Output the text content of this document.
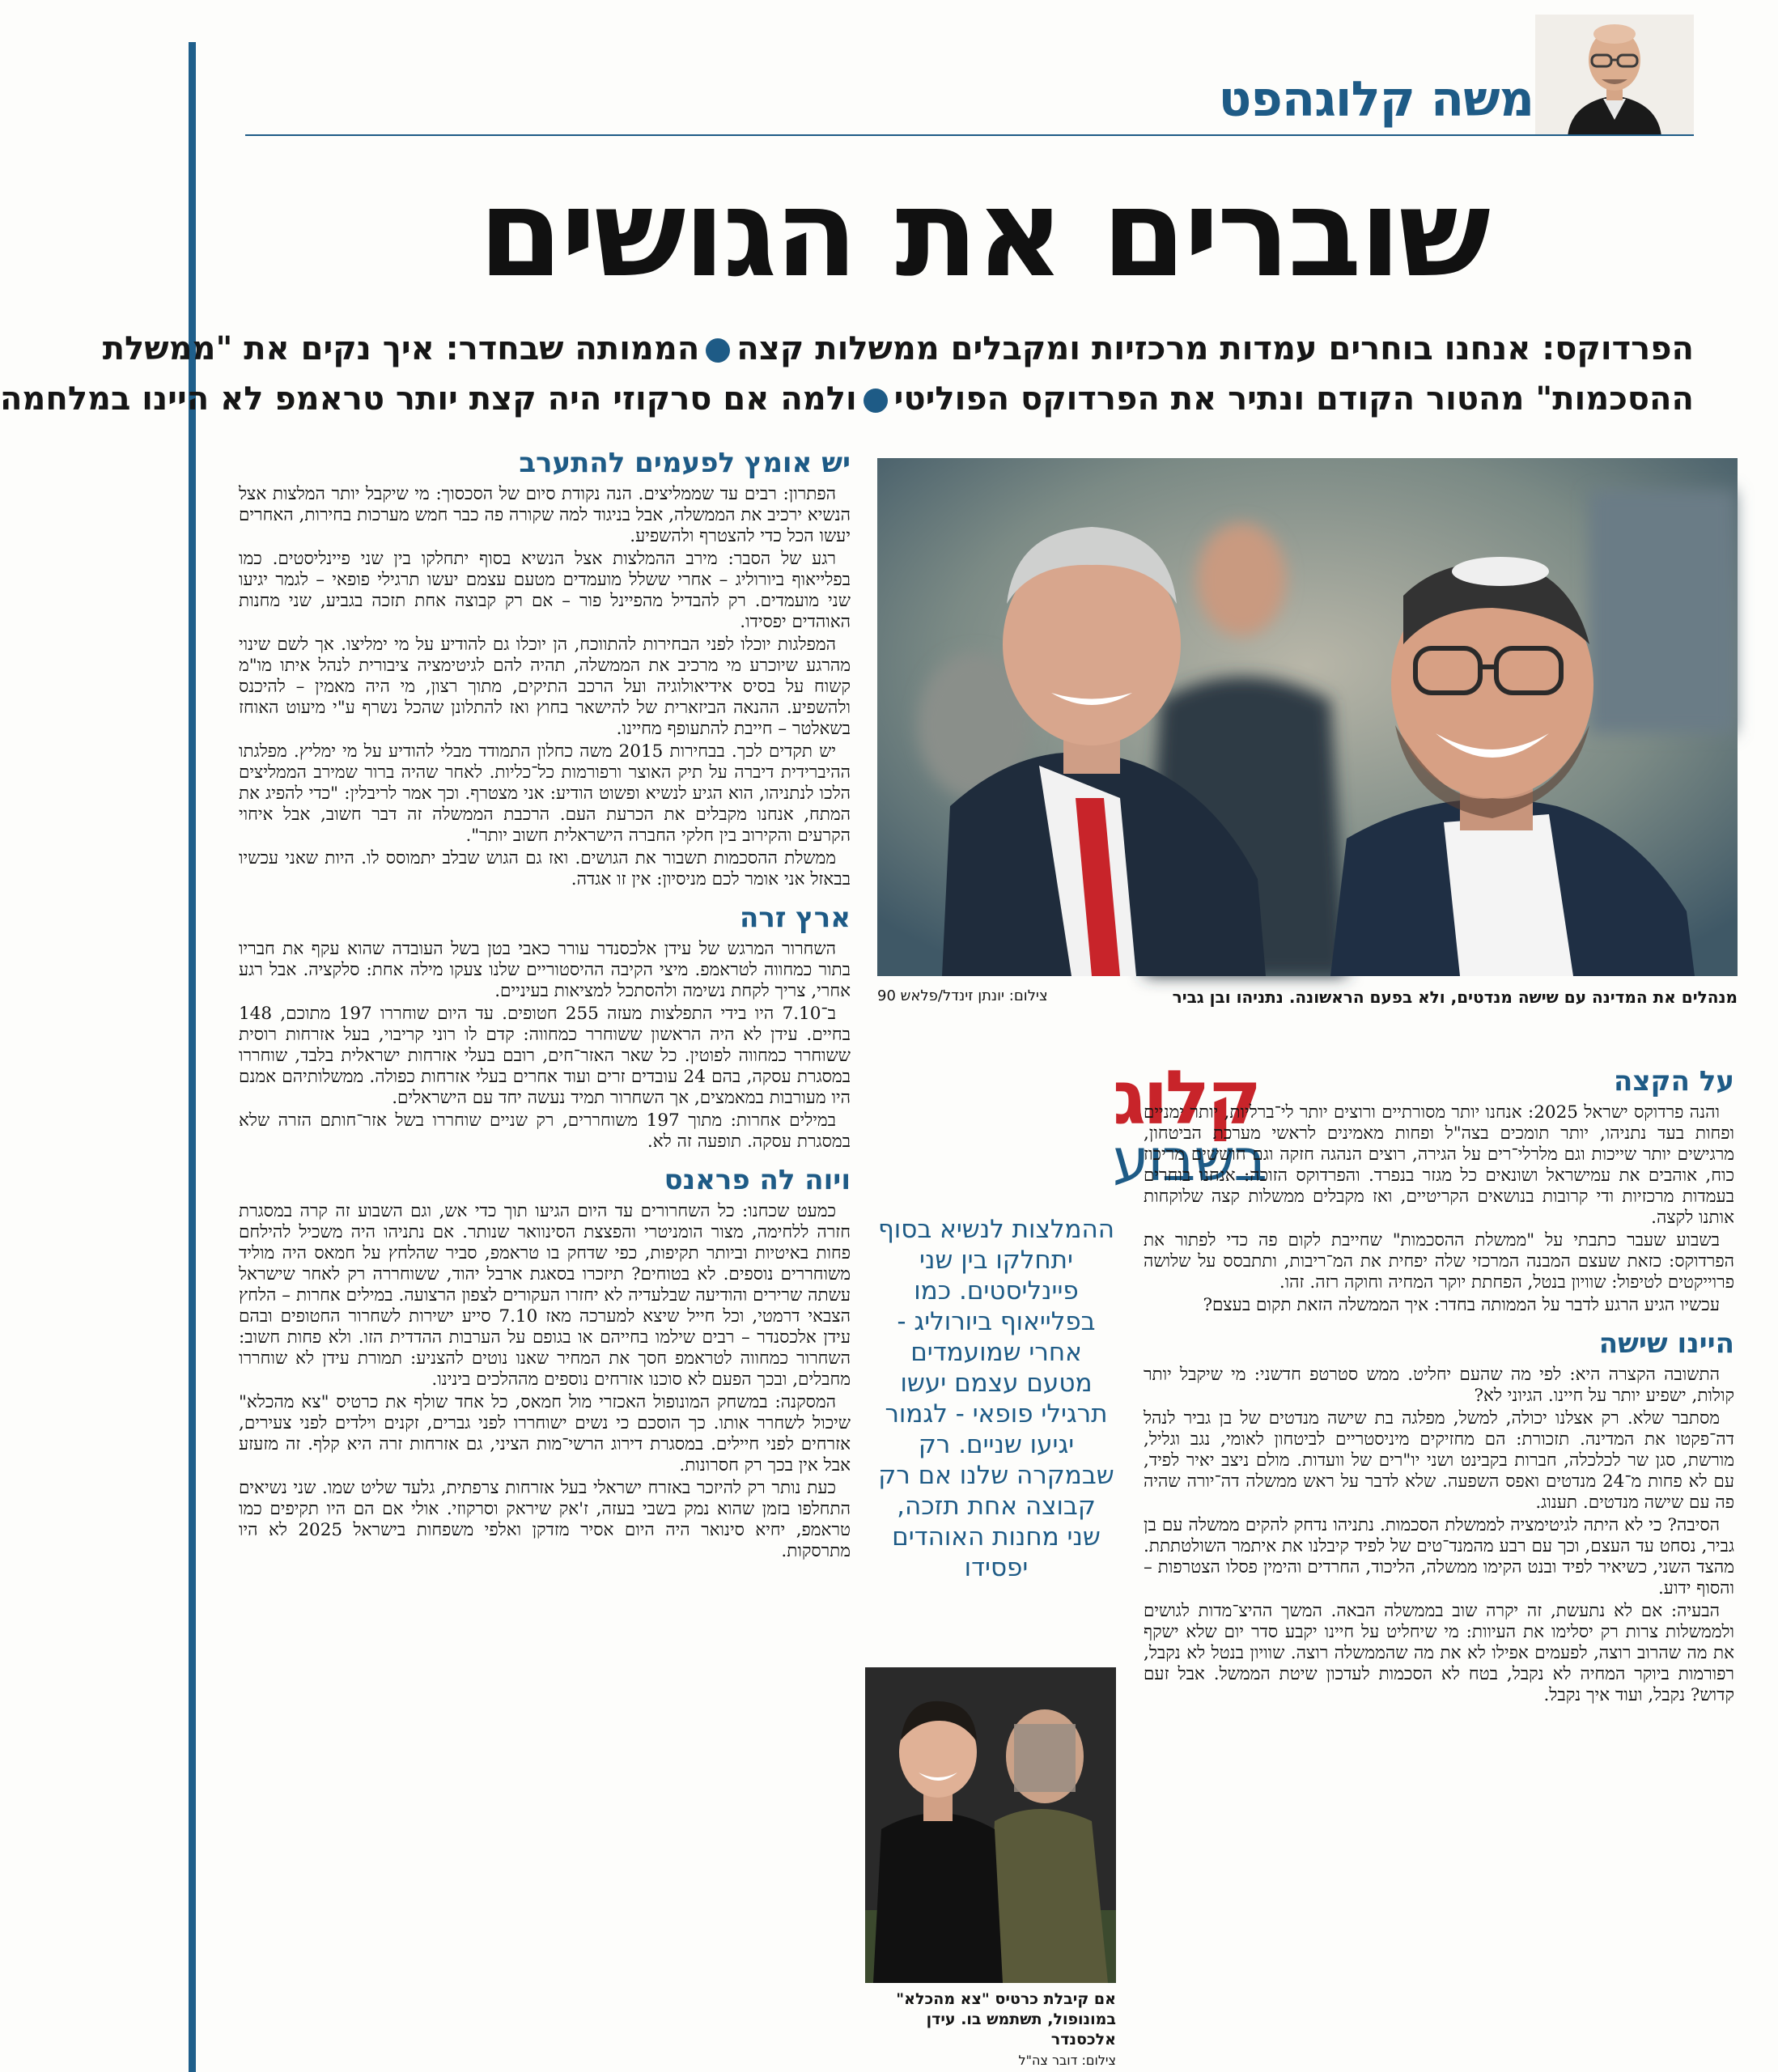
משה קלוגהפט
שוברים את הגושים
הפרדוקס: אנחנו בוחרים עמדות מרכזיות ומקבלים ממשלות קצההממותה שבחדר: איך נקים את "ממשלת
ההסכמות" מהטור הקודם ונתיר את הפרדוקס הפוליטיולמה אם סרקוזי היה קצת יותר טראמפ לא היינו במלחמה
מנהלים את המדינה עם שישה מנדטים, ולא בפעם הראשונה. נתניהו ובן גביר
צילום: יונתן זינדל/פלאש 90
קלוג
בשבוע
ההמלצות לנשיא בסוף יתחלקו בין שני פיינליסטים. כמו בפלייאוף ביורוליג - אחרי שמועמדים מטעם עצמם יעשו תרגילי פופאי - לגמור יגיעו שניים. רק שבמקרה שלנו אם רק קבוצה אחת תזכה, שני מחנות האוהדים יפסידו
אם קיבלת כרטיס "צא מהכלא" במונופול, תשתמש בו. עידן אלכסנדר
צילום: דובר צה"ל
על הקצה

והנה פרדוקס ישראל 2025: אנחנו יותר מסורתיים ורוצים יותר לי־ברליות, יותר ימניים ופחות בעד נתניהו, יותר תומכים בצה"ל ופחות מאמינים לראשי מערכת הביטחון, מרגישים יותר שייכות וגם מלרלי־רים על הגירה, רוצים הנהגה חזקה וגם חוששים מריכוז כוח, אוהבים את עמישראל ושונאים כל מגזר בנפרד. והפרדוקס הזוכה: אנחנו בוחרים בעמדות מרכזיות ודי קרובות בנושאים הקריטיים, ואז מקבלים ממשלות קצה שלוקחות אותנו לקצה.

בשבוע שעבר כתבתי על "ממשלת ההסכמות" שחייבת לקום פה כדי לפתור את הפרדוקס: כזאת שעצם המבנה המרכזי שלה יפחית את המ־ריבות, ותתבסס על שלושה פרוייקטים לטיפול: שוויון בנטל, הפחתת יוקר המחיה וחוקה רזה. זהו.

עכשיו הגיע הרגע לדבר על הממותה בחדר: איך הממשלה הזאת תקום בעצם?

היינו שישה

התשובה הקצרה היא: לפי מה שהעם יחליט. ממש סטרטפ חדשני: מי שיקבל יותר קולות, ישפיע יותר על חיינו. הגיוני לא?

מסתבר שלא. רק אצלנו יכולה, למשל, מפלגה בת שישה מנדטים של בן גביר לנהל דה־פקטו את המדינה. תזכורת: הם מחזיקים מיניסטריים לביטחון לאומי, נגב וגליל, מורשת, סגן שר לכלכלה, חברות בקבינט ושני יו"רים של וועדות. מולם ניצב יאיר לפיד, עם לא פחות מ־24 מנדטים ואפס השפעה. שלא לדבר על ראש ממשלה דה־יורה שהיה פה עם שישה מנדטים. תענוג.

הסיבה? כי לא היתה לגיטימציה לממשלת הסכמות. נתניהו נדחק להקים ממשלה עם בן גביר, נסחט עד העצם, וכך עם רבע מהמנד־טים של לפיד קיבלנו את איתמר השולטתתת. מהצד השני, כשיאיר לפיד ובנט הקימו ממשלה, הליכוד, החרדים והימין פסלו הצטרפות – והסוף ידוע.

הבעיה: אם לא נתעשת, זה יקרה שוב בממשלה הבאה. המשך ההיצ־מדות לגושים ולממשלות צרות רק יסלימו את העיוות: מי שיחליט על חיינו יקבע סדר יום שלא ישקף את מה שהרוב רוצה, לפעמים אפילו לא את מה שהממשלה רוצה. שוויון בנטל לא נקבל, רפורמות ביוקר המחיה לא נקבל, בטח לא הסכמות לעדכון שיטת הממשל. אבל זעם קדוש? נקבל, ועוד איך נקבל.

יש אומץ לפעמים להתערב

הפתרון: רבים עד שממליצים. הנה נקודת סיום של הסכסוך: מי שיקבל יותר המלצות אצל הנשיא ירכיב את הממשלה, אבל בניגוד למה שקורה פה כבר חמש מערכות בחירות, האחרים יעשו הכל כדי להצטרף ולהשפיע.

רגע של הסבר: מירב ההמלצות אצל הנשיא בסוף יתחלקו בין שני פיינליסטים. כמו בפלייאוף ביורוליג – אחרי ששלל מועמדים מטעם עצמם יעשו תרגילי פופאי – לגמר יגיעו שני מועמדים. רק להבדיל מהפיינל פור – אם רק קבוצה אחת תזכה בגביע, שני מחנות האוהדים יפסידו.

המפלגות יוכלו לפני הבחירות להתווכח, הן יוכלו גם להודיע על מי ימליצו. אך לשם שינוי מהרגע שיוכרע מי מרכיב את הממשלה, תהיה להם לגיטימציה ציבורית לנהל איתו מו"מ קשוח על בסיס אידיאולוגיה ועל הרכב התיקים, מתוך רצון, מי היה מאמין – להיכנס ולהשפיע. ההנאה הביזארית של להישאר בחוץ ואז להתלונן שהכל נשרף ע"י מיעוט האוחז בשאלטר – חייבת להתעופף מחיינו.

יש תקדים לכך. בבחירות 2015 משה כחלון התמודד מבלי להודיע על מי ימליץ. מפלגתו ההיברידית דיברה על תיק האוצר ורפורמות כל־כליות. לאחר שהיה ברור שמירב הממליצים הלכו לנתניהו, הוא הגיע לנשיא ופשוט הודיע: אני מצטרף. וכך אמר לריבלין: "כדי להפיג את המתח, אנחנו מקבלים את הכרעת העם. הרכבת הממשלה זה דבר חשוב, אבל איחוי הקרעים והקירוב בין חלקי החברה הישראלית חשוב יותר".

ממשלת ההסכמות תשבור את הגושים. ואז גם הגוש שבלב יתמוסס לו. היות שאני עכשיו בבאזל אני אומר לכם מניסיון: אין זו אגדה.

ארץ זרה

השחרור המרגש של עידן אלכסנדר עורר כאבי בטן בשל העובדה שהוא עקף את חבריו בתור כמחווה לטראמפ. מיצי הקיבה ההיסטוריים שלנו צעקו מילה אחת: סלקציה. אבל רגע אחרי, צריך לקחת נשימה ולהסתכל למציאות בעיניים.

ב־7.10 היו בידי התפלצות מעזה 255 חטופים. עד היום שוחררו 197 מתוכם, 148 בחיים. עידן לא היה הראשון ששוחרר כמחווה: קדם לו רוני קריבוי, בעל אזרחות רוסית ששוחרר כמחווה לפוטין. כל שאר האזר־חים, רובם בעלי אזרחות ישראלית בלבד, שוחררו במסגרת עסקה, בהם 24 עובדים זרים ועוד אחרים בעלי אזרחות כפולה. ממשלותיהם אמנם היו מעורבות במאמצים, אך השחרור תמיד נעשה יחד עם הישראלים.

במילים אחרות: מתוך 197 משוחררים, רק שניים שוחררו בשל אזר־חותם הזרה שלא במסגרת עסקה. תופעה זה לא.

ויוה לה פראנס

כמעט שכחנו: כל השחרורים עד היום הגיעו תוך כדי אש, וגם השבוע זה קרה במסגרת חזרה ללחימה, מצור הומניטרי והפצצת הסינוואר שנותר. אם נתניהו היה משכיל להילחם פחות באיטיות וביותר תקיפות, כפי שדחק בו טראמפ, סביר שהלחץ על חמאס היה מוליד משוחררים נוספים. לא בטוחים? תיזכרו בסאגת ארבל יהוד, ששוחררה רק לאחר שישראל עשתה שרירים והודיעה שבלעדיה לא יחזרו העקורים לצפון הרצועה. במילים אחרות – הלחץ הצבאי דרמטי, וכל חייל שיצא למערכה מאז 7.10 סייע ישירות לשחרור החטופים ובהם עידן אלכסנדר – רבים שילמו בחייהם או בגופם על הערבות ההדדית הזו. ולא פחות חשוב: השחרור כמחווה לטראמפ חסך את המחיר שאנו נוטים להצניע: תמורת עידן לא שוחררו מחבלים, ובכך הפעם לא סוכנו אזרחים נוספים מההלכים בינינו.

המסקנה: במשחק המונופול האכזרי מול חמאס, כל אחד שולף את כרטיס "צא מהכלא" שיכול לשחרר אותו. כך הוסכם כי נשים ישוחררו לפני גברים, זקנים וילדים לפני צעירים, אזרחים לפני חיילים. במסגרת דירוג הרשי־מות הציני, גם אזרחות זרה היא קלף. זה מזעזע אבל אין בכך רק חסרונות.

כעת נותר רק להיזכר באזרח ישראלי בעל אזרחות צרפתית, גלעד שליט שמו. שני נשיאים התחלפו בזמן שהוא נמק בשבי בעזה, ז'אק שיראק וסרקוזי. אולי אם הם היו תקיפים כמו טראמפ, יחיא סינואר היה היום אסיר מזדקן ואלפי משפחות בישראל 2025 לא היו מתרסקות.
